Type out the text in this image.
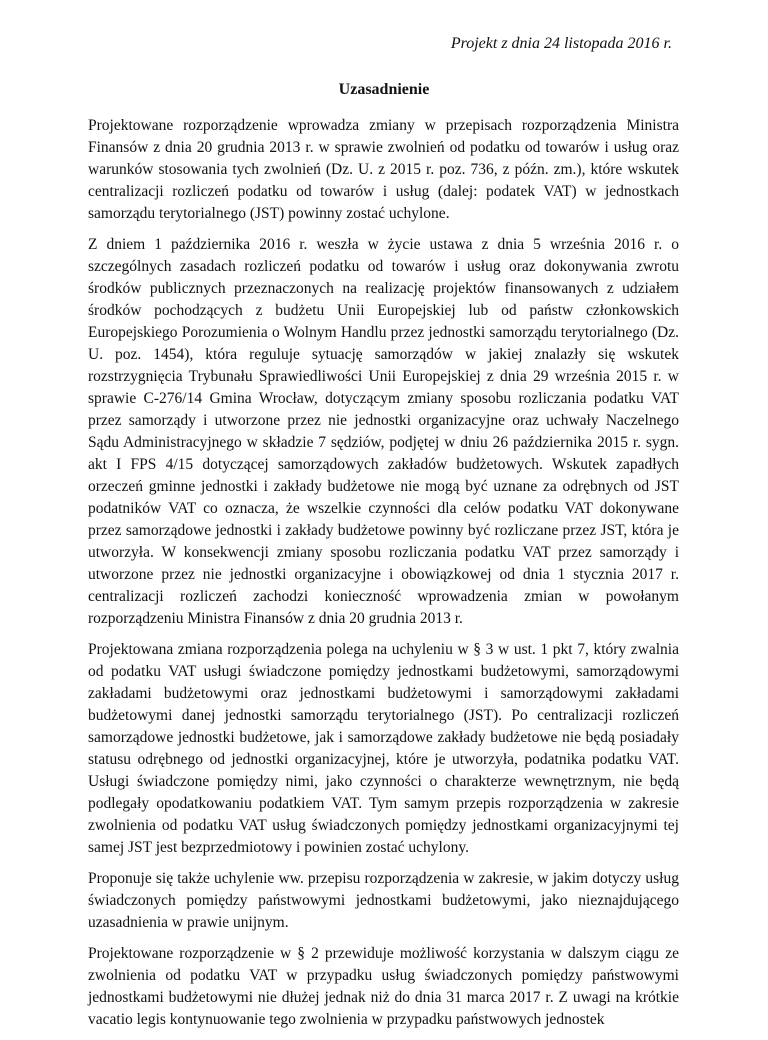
Projekt z dnia 24 listopada 2016 r.
Uzasadnienie

Projektowane rozporządzenie wprowadza zmiany w przepisach rozporządzenia Ministra Finansów z dnia 20 grudnia 2013 r. w sprawie zwolnień od podatku od towarów i usług oraz warunków stosowania tych zwolnień (Dz. U. z 2015 r. poz. 736, z późn. zm.), które wskutek centralizacji rozliczeń podatku od towarów i usług (dalej: podatek VAT) w jednostkach samorządu terytorialnego (JST) powinny zostać uchylone.

Z dniem 1 października 2016 r. weszła w życie ustawa z dnia 5 września 2016 r. o szczególnych zasadach rozliczeń podatku od towarów i usług oraz dokonywania zwrotu środków publicznych przeznaczonych na realizację projektów finansowanych z udziałem środków pochodzących z budżetu Unii Europejskiej lub od państw członkowskich Europejskiego Porozumienia o Wolnym Handlu przez jednostki samorządu terytorialnego (Dz. U. poz. 1454), która reguluje sytuację samorządów w jakiej znalazły się wskutek rozstrzygnięcia Trybunału Sprawiedliwości Unii Europejskiej z dnia 29 września 2015 r. w sprawie C-276/14 Gmina Wrocław, dotyczącym zmiany sposobu rozliczania podatku VAT przez samorządy i utworzone przez nie jednostki organizacyjne oraz uchwały Naczelnego Sądu Administracyjnego w składzie 7 sędziów, podjętej w dniu 26 października 2015 r. sygn. akt I FPS 4/15 dotyczącej samorządowych zakładów budżetowych. Wskutek zapadłych orzeczeń gminne jednostki i zakłady budżetowe nie mogą być uznane za odrębnych od JST podatników VAT co oznacza, że wszelkie czynności dla celów podatku VAT dokonywane przez samorządowe jednostki i zakłady budżetowe powinny być rozliczane przez JST, która je utworzyła. W konsekwencji zmiany sposobu rozliczania podatku VAT przez samorządy i utworzone przez nie jednostki organizacyjne i obowiązkowej od dnia 1 stycznia 2017 r. centralizacji rozliczeń zachodzi konieczność wprowadzenia zmian w powołanym rozporządzeniu Ministra Finansów z dnia 20 grudnia 2013 r.

Projektowana zmiana rozporządzenia polega na uchyleniu w § 3 w ust. 1 pkt 7, który zwalnia od podatku VAT usługi świadczone pomiędzy jednostkami budżetowymi, samorządowymi zakładami budżetowymi oraz jednostkami budżetowymi i samorządowymi zakładami budżetowymi danej jednostki samorządu terytorialnego (JST). Po centralizacji rozliczeń samorządowe jednostki budżetowe, jak i samorządowe zakłady budżetowe nie będą posiadały statusu odrębnego od jednostki organizacyjnej, które je utworzyła, podatnika podatku VAT. Usługi świadczone pomiędzy nimi, jako czynności o charakterze wewnętrznym, nie będą podlegały opodatkowaniu podatkiem VAT. Tym samym przepis rozporządzenia w zakresie zwolnienia od podatku VAT usług świadczonych pomiędzy jednostkami organizacyjnymi tej samej JST jest bezprzedmiotowy i powinien zostać uchylony.

Proponuje się także uchylenie ww. przepisu rozporządzenia w zakresie, w jakim dotyczy usług świadczonych pomiędzy państwowymi jednostkami budżetowymi, jako nieznajdującego uzasadnienia w prawie unijnym.

Projektowane rozporządzenie w § 2 przewiduje możliwość korzystania w dalszym ciągu ze zwolnienia od podatku VAT w przypadku usług świadczonych pomiędzy państwowymi jednostkami budżetowymi nie dłużej jednak niż do dnia 31 marca 2017 r. Z uwagi na krótkie vacatio legis kontynuowanie tego zwolnienia w przypadku państwowych jednostek
